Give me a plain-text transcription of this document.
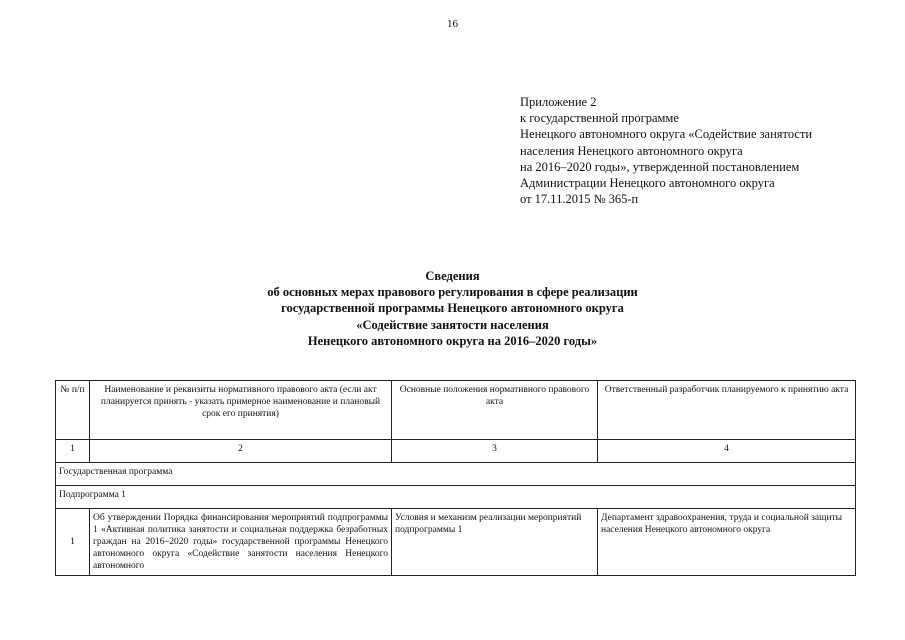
16
Приложение 2
к государственной программе
Ненецкого автономного округа «Содействие занятости
населения Ненецкого автономного округа
на 2016–2020 годы», утвержденной постановлением
Администрации Ненецкого автономного округа
от 17.11.2015 № 365-п
Сведения
об основных мерах правового регулирования в сфере реализации
государственной программы Ненецкого автономного округа
«Содействие занятости населения
Ненецкого автономного округа на 2016–2020 годы»
№ п/п	Наименование и реквизиты нормативного правового акта (если акт планируется принять - указать примерное наименование и плановый срок его принятия)	Основные положения нормативного правового акта	Ответственный разработчик планируемого к принятию акта
1	2	3	4
Государственная программа			
Подпрограмма 1			
1	Об утверждении Порядка финансирования мероприятий подпрограммы 1 «Активная политика занятости и социальная поддержка безработных граждан на 2016–2020 годы» государственной программы Ненецкого автономного округа «Содействие занятости населения Ненецкого автономного	Условия и механизм реализации мероприятий подпрограммы 1	Департамент здравоохранения, труда и социальной защиты населения Ненецкого автономного округа
